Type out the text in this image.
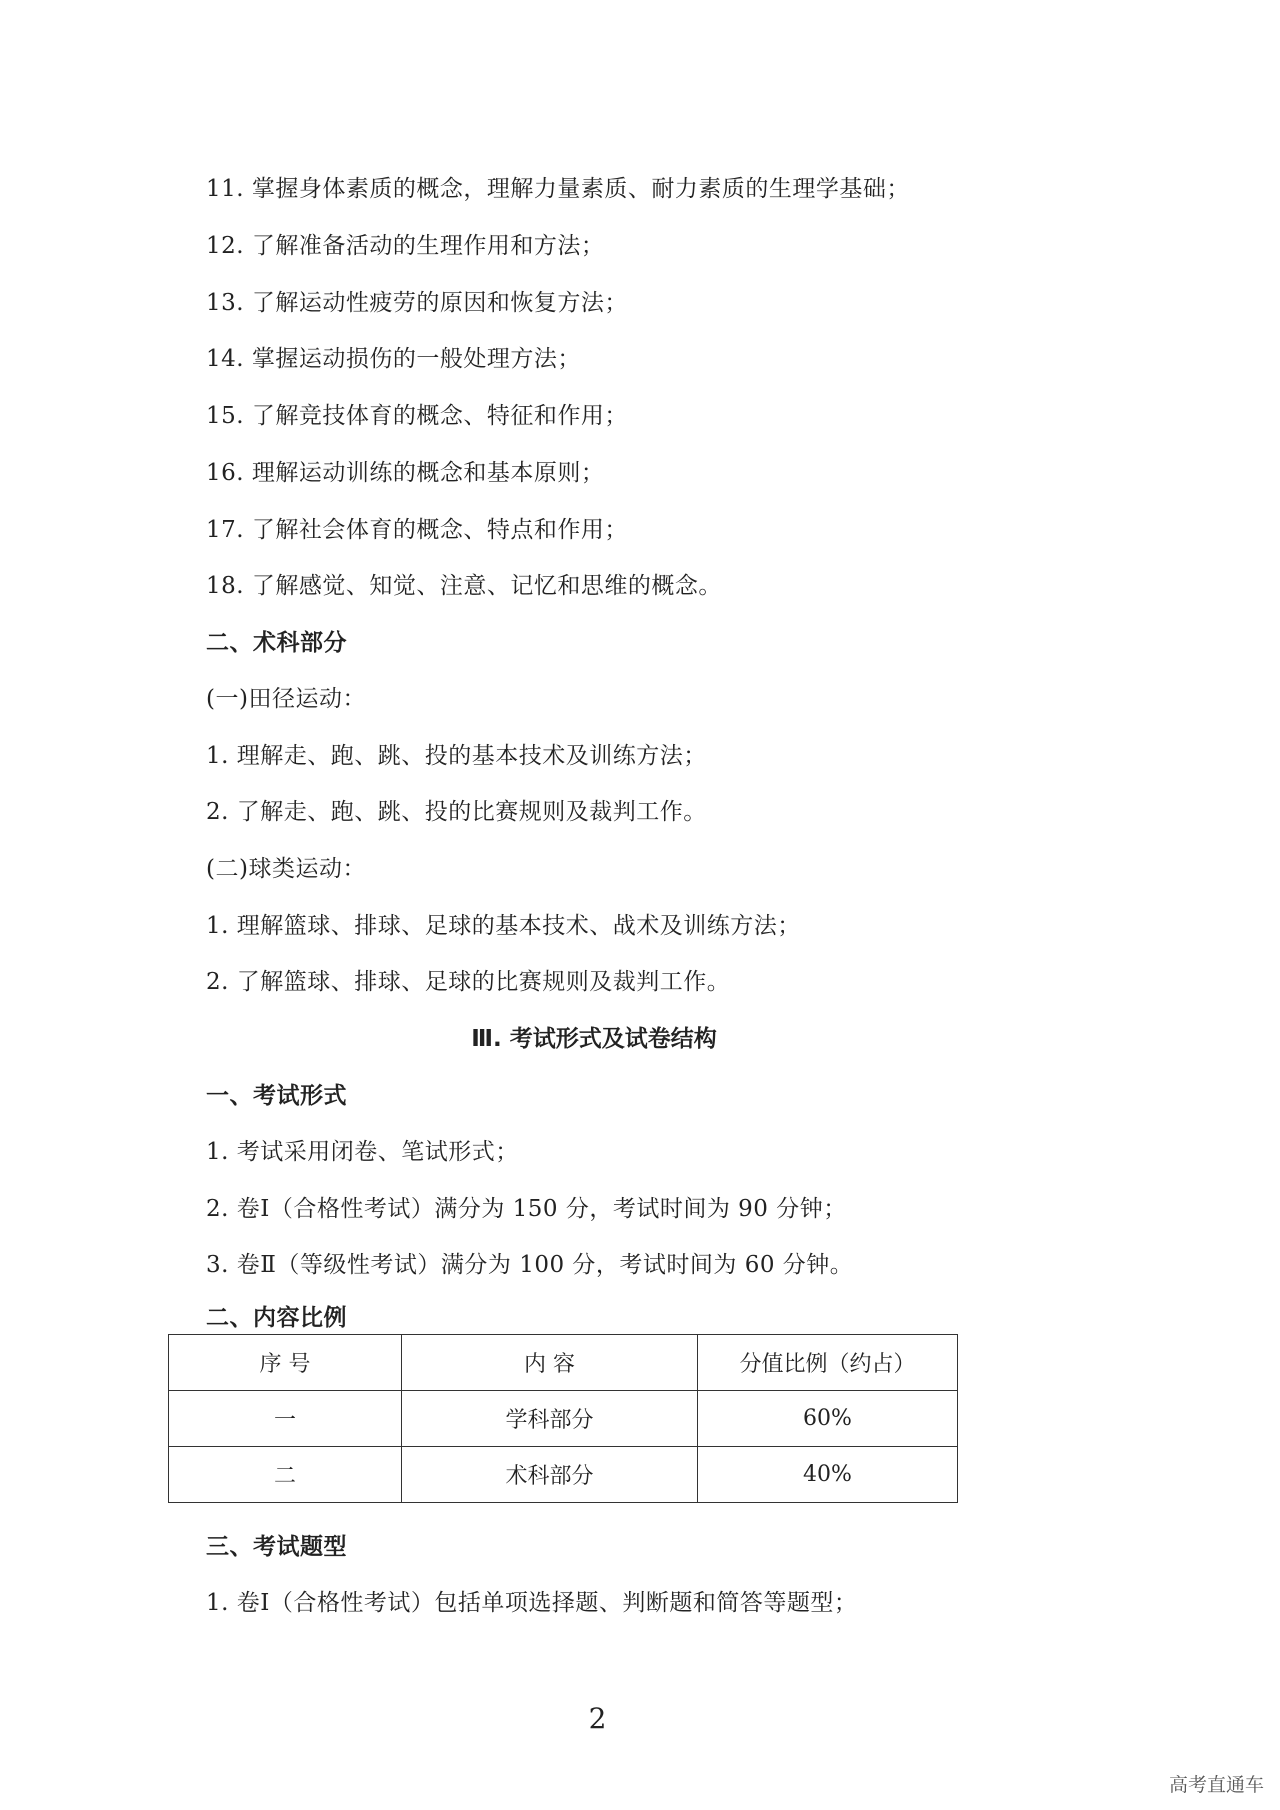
11. 掌握身体素质的概念，理解力量素质、耐力素质的生理学基础；
12. 了解准备活动的生理作用和方法；
13. 了解运动性疲劳的原因和恢复方法；
14. 掌握运动损伤的一般处理方法；
15. 了解竞技体育的概念、特征和作用；
16. 理解运动训练的概念和基本原则；
17. 了解社会体育的概念、特点和作用；
18. 了解感觉、知觉、注意、记忆和思维的概念。
二、术科部分
(一)田径运动：
1. 理解走、跑、跳、投的基本技术及训练方法；
2. 了解走、跑、跳、投的比赛规则及裁判工作。
(二)球类运动：
1. 理解篮球、排球、足球的基本技术、战术及训练方法；
2. 了解篮球、排球、足球的比赛规则及裁判工作。
Ⅲ. 考试形式及试卷结构
一、考试形式
1. 考试采用闭卷、笔试形式；
2. 卷Ⅰ（合格性考试）满分为 150 分，考试时间为 90 分钟；
3. 卷Ⅱ（等级性考试）满分为 100 分，考试时间为 60 分钟。
二、内容比例
序 号	内 容	分值比例（约占）
一	学科部分	60%
二	术科部分	40%
三、考试题型
1. 卷Ⅰ（合格性考试）包括单项选择题、判断题和简答等题型；
2
高考直通车
